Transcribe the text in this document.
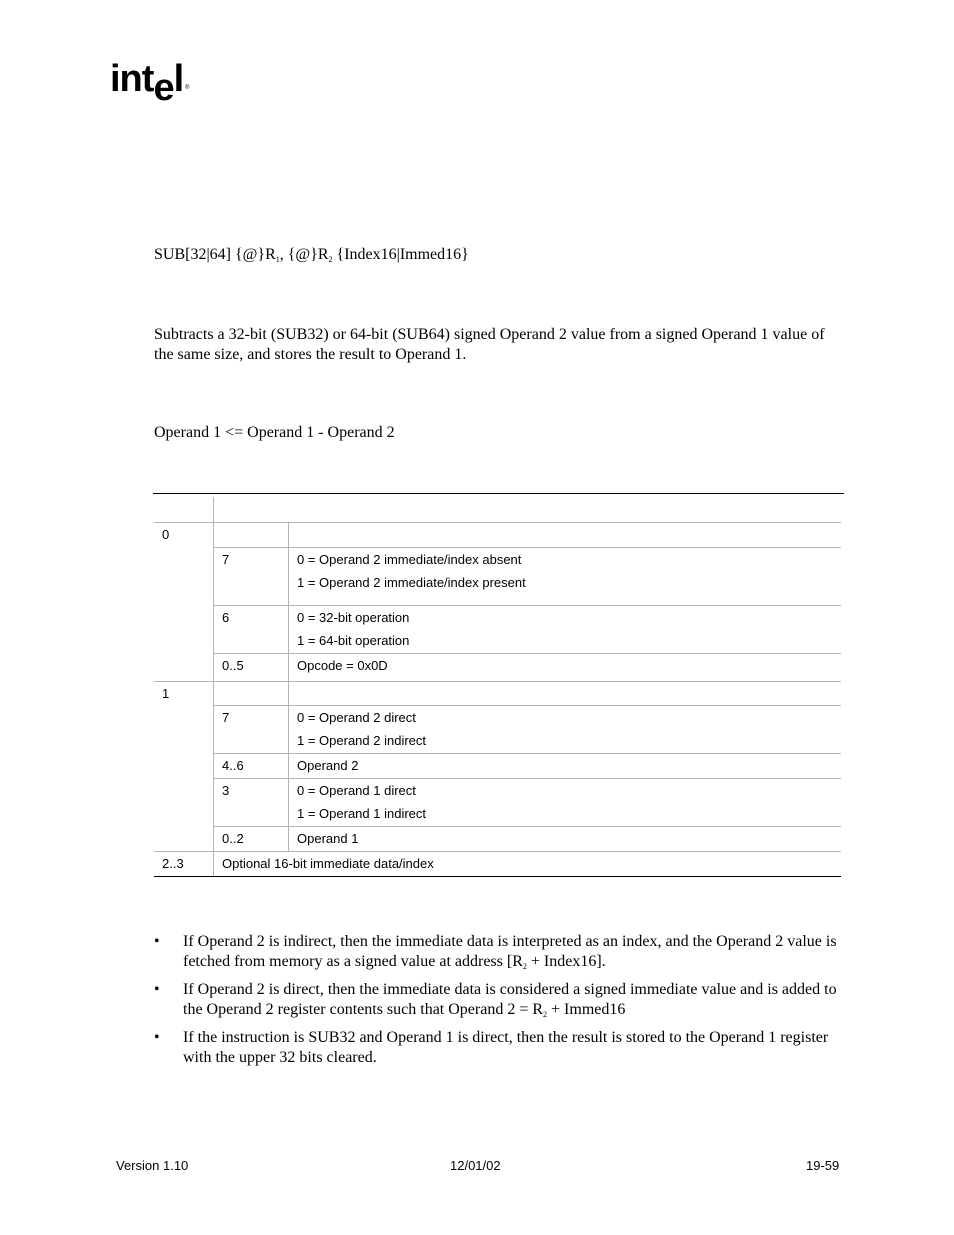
intel ®
SUB[32|64] $\{@\}R_1$, $\{@\}R_2$ {Index16|Immed16}
Subtracts a 32-bit (SUB32) or 64-bit (SUB64) signed Operand 2 value from a signed Operand 1 value of the same size, and stores the result to Operand 1.
Operand 1 <= Operand 1 - Operand 2

0		
	7	0 = Operand 2 immediate/index absent
1 = Operand 2 immediate/index present

	6	0 = 32-bit operation
1 = 64-bit operation

	0..5	Opcode = 0x0D
1		
	7	0 = Operand 2 direct
1 = Operand 2 indirect

	4..6	Operand 2
	3	0 = Operand 1 direct
1 = Operand 1 indirect

	0..2	Operand 1
2..3	Optional 16-bit immediate data/index	
• If Operand 2 is indirect, then the immediate data is interpreted as an index, and the Operand 2 value is fetched from memory as a signed value at address [$R_2$ + Index16].
• If Operand 2 is direct, then the immediate data is considered a signed immediate value and is added to the Operand 2 register contents such that Operand $2 = R_2$ + Immed16
• If the instruction is SUB32 and Operand 1 is direct, then the result is stored to the Operand 1 register with the upper 32 bits cleared.
Version 1.10	12/01/02	19-59
